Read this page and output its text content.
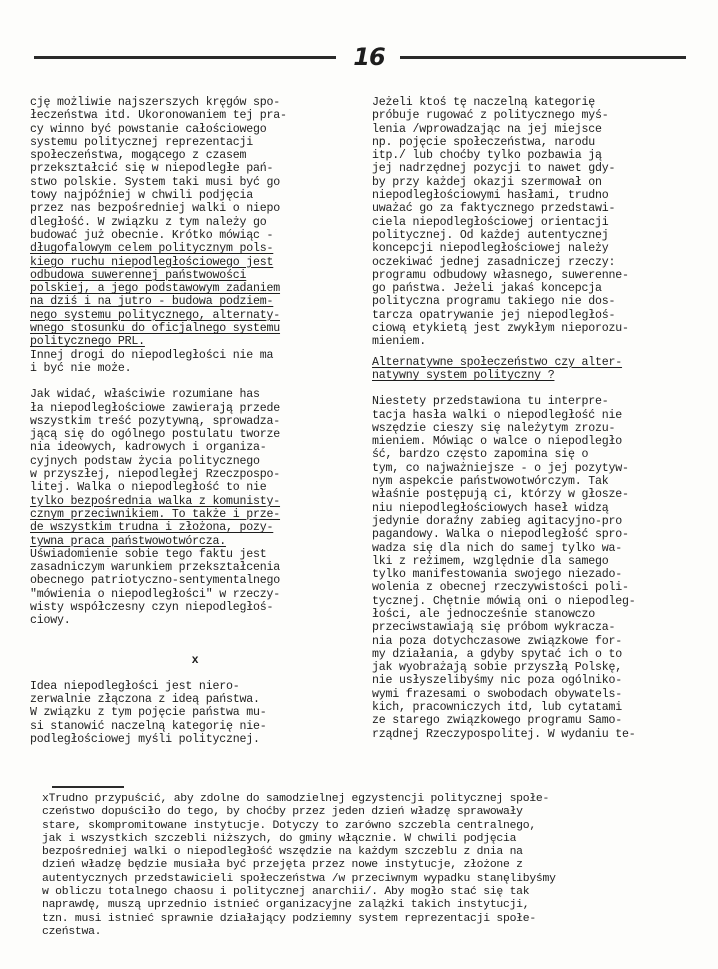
16
cję możliwie najszerszych kręgów spo-
łeczeństwa itd. Ukoronowaniem tej pra-
cy winno być powstanie całościowego
systemu politycznej reprezentacji
społeczeństwa, mogącego z czasem
przekształcić się w niepodległe pań-
stwo polskie. System taki musi być go
towy najpóźniej w chwili podjęcia
przez nas bezpośredniej walki o niepo
dległość. W związku z tym należy go
budować już obecnie. Krótko mówiąc -
długofalowym celem politycznym pols-
kiego ruchu niepodległościowego jest
odbudowa suwerennej państwowości
polskiej, a jego podstawowym zadaniem
na dziś i na jutro - budowa podziem-
nego systemu politycznego, alternaty-
wnego stosunku do oficjalnego systemu
politycznego PRL.
Innej drogi do niepodległości nie ma
i być nie może.
Jak widać, właściwie rozumiane has
ła niepodległościowe zawierają przede
wszystkim treść pozytywną, sprowadza-
jącą się do ogólnego postulatu tworze
nia ideowych, kadrowych i organiza-
cyjnych podstaw życia politycznego
w przyszłej, niepodległej Rzeczpospo-
litej. Walka o niepodległość to nie
tylko bezpośrednia walka z komunisty-
cznym przeciwnikiem. To także i prze-
de wszystkim trudna i złożona, pozy-
tywna praca państwowotwórcza.
Uświadomienie sobie tego faktu jest
zasadniczym warunkiem przekształcenia
obecnego patriotyczno-sentymentalnego
"mówienia o niepodległości" w rzeczy-
wisty współczesny czyn niepodległoś-
ciowy.
x
Idea niepodległości jest niero-
zerwalnie złączona z ideą państwa.
W związku z tym pojęcie państwa mu-
si stanowić naczelną kategorię nie-
podległościowej myśli politycznej.
Jeżeli ktoś tę naczelną kategorię
próbuje rugować z politycznego myś-
lenia /wprowadzając na jej miejsce
np. pojęcie społeczeństwa, narodu
itp./ lub choćby tylko pozbawia ją
jej nadrzędnej pozycji to nawet gdy-
by przy każdej okazji szermował on
niepodległościowymi hasłami, trudno
uważać go za faktycznego przedstawi-
ciela niepodległościowej orientacji
politycznej. Od każdej autentycznej
koncepcji niepodległościowej należy
oczekiwać jednej zasadniczej rzeczy:
programu odbudowy własnego, suwerenne-
go państwa. Jeżeli jakaś koncepcja
polityczna programu takiego nie dos-
tarcza opatrywanie jej niepodległoś-
ciową etykietą jest zwykłym nieporozu-
mieniem.
Alternatywne społeczeństwo czy alter-
natywny system polityczny ?
Niestety przedstawiona tu interpre-
tacja hasła walki o niepodległość nie
wszędzie cieszy się należytym zrozu-
mieniem. Mówiąc o walce o niepodległo
ść, bardzo często zapomina się o
tym, co najważniejsze - o jej pozytyw-
nym aspekcie państwowotwórczym. Tak
właśnie postępują ci, którzy w głosze-
niu niepodległościowych haseł widzą
jedynie doraźny zabieg agitacyjno-pro
pagandowy. Walka o niepodległość spro-
wadza się dla nich do samej tylko wa-
lki z reżimem, względnie dla samego
tylko manifestowania swojego niezado-
wolenia z obecnej rzeczywistości poli-
tycznej. Chętnie mówią oni o niepodleg-
łości, ale jednocześnie stanowczo
przeciwstawiają się próbom wykracza-
nia poza dotychczasowe związkowe for-
my działania, a gdyby spytać ich o to
jak wyobrażają sobie przyszłą Polskę,
nie usłyszelibyśmy nic poza ogólniko-
wymi frazesami o swobodach obywatels-
kich, pracowniczych itd, lub cytatami
ze starego związkowego programu Samo-
rządnej Rzeczypospolitej. W wydaniu te-
xTrudno przypuścić, aby zdolne do samodzielnej egzystencji politycznej społe-
czeństwo dopuściło do tego, by choćby przez jeden dzień władzę sprawowały
stare, skompromitowane instytucje. Dotyczy to zarówno szczebla centralnego,
jak i wszystkich szczebli niższych, do gminy włącznie. W chwili podjęcia
bezpośredniej walki o niepodległość wszędzie na każdym szczeblu z dnia na
dzień władzę będzie musiała być przejęta przez nowe instytucje, złożone z
autentycznych przedstawicieli społeczeństwa /w przeciwnym wypadku stanęlibyśmy
w obliczu totalnego chaosu i politycznej anarchii/. Aby mogło stać się tak
naprawdę, muszą uprzednio istnieć organizacyjne zalążki takich instytucji,
tzn. musi istnieć sprawnie działający podziemny system reprezentacji społe-
czeństwa.
